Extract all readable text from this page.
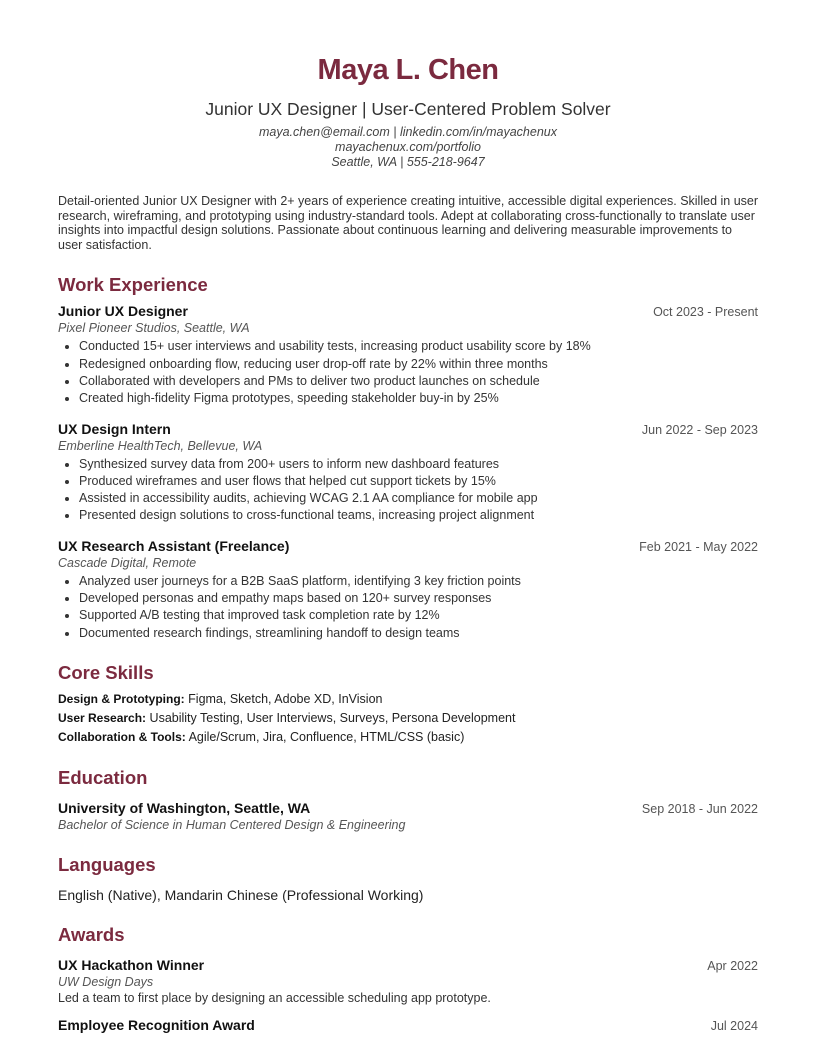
Maya L. Chen
Junior UX Designer | User-Centered Problem Solver
maya.chen@email.com | linkedin.com/in/mayachenux
mayachenux.com/portfolio
Seattle, WA | 555-218-9647
Detail-oriented Junior UX Designer with 2+ years of experience creating intuitive, accessible digital experiences. Skilled in user research, wireframing, and prototyping using industry-standard tools. Adept at collaborating cross-functionally to translate user insights into impactful design solutions. Passionate about continuous learning and delivering measurable improvements to user satisfaction.
Work Experience
Junior UX Designer	Oct 2023 - Present
Pixel Pioneer Studios, Seattle, WA
• Conducted 15+ user interviews and usability tests, increasing product usability score by 18%
• Redesigned onboarding flow, reducing user drop-off rate by 22% within three months
• Collaborated with developers and PMs to deliver two product launches on schedule
• Created high-fidelity Figma prototypes, speeding stakeholder buy-in by 25%
UX Design Intern	Jun 2022 - Sep 2023
Emberline HealthTech, Bellevue, WA
• Synthesized survey data from 200+ users to inform new dashboard features
• Produced wireframes and user flows that helped cut support tickets by 15%
• Assisted in accessibility audits, achieving WCAG 2.1 AA compliance for mobile app
• Presented design solutions to cross-functional teams, increasing project alignment
UX Research Assistant (Freelance)	Feb 2021 - May 2022
Cascade Digital, Remote
• Analyzed user journeys for a B2B SaaS platform, identifying 3 key friction points
• Developed personas and empathy maps based on 120+ survey responses
• Supported A/B testing that improved task completion rate by 12%
• Documented research findings, streamlining handoff to design teams
Core Skills
Design & Prototyping: Figma, Sketch, Adobe XD, InVision
User Research: Usability Testing, User Interviews, Surveys, Persona Development
Collaboration & Tools: Agile/Scrum, Jira, Confluence, HTML/CSS (basic)
Education
University of Washington, Seattle, WA	Sep 2018 - Jun 2022
Bachelor of Science in Human Centered Design & Engineering
Languages
English (Native), Mandarin Chinese (Professional Working)
Awards
UX Hackathon Winner	Apr 2022
UW Design Days
Led a team to first place by designing an accessible scheduling app prototype.
Employee Recognition Award	Jul 2024
